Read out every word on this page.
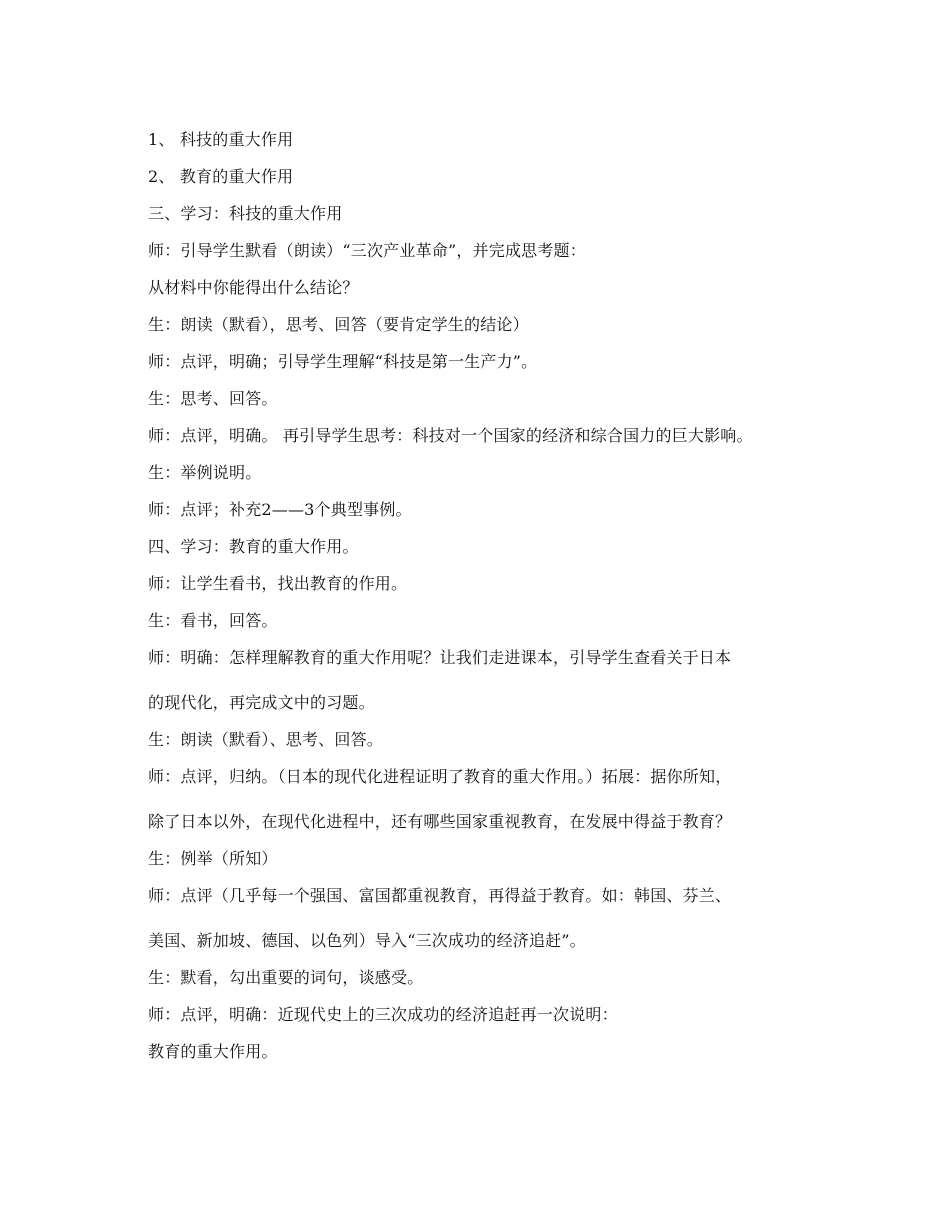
1、 科技的重大作用
2、 教育的重大作用
三、学习：科技的重大作用
师：引导学生默看（朗读）“三次产业革命”，并完成思考题：
从材料中你能得出什么结论？
生：朗读（默看），思考、回答（要肯定学生的结论）
师：点评，明确；引导学生理解“科技是第一生产力”。
生：思考、回答。
师：点评，明确。 再引导学生思考：科技对一个国家的经济和综合国力的巨大影响。
生：举例说明。
师：点评；补充2——3个典型事例。
四、学习：教育的重大作用。
师：让学生看书，找出教育的作用。
生：看书，回答。
师：明确：怎样理解教育的重大作用呢？让我们走进课本，引导学生查看关于日本
的现代化，再完成文中的习题。
生：朗读（默看）、思考、回答。
师：点评，归纳。（日本的现代化进程证明了教育的重大作用。）拓展：据你所知，
除了日本以外，在现代化进程中，还有哪些国家重视教育，在发展中得益于教育？
生：例举（所知）
师：点评（几乎每一个强国、富国都重视教育，再得益于教育。如：韩国、芬兰、
美国、新加坡、德国、以色列）导入“三次成功的经济追赶”。
生：默看，勾出重要的词句，谈感受。
师：点评，明确：近现代史上的三次成功的经济追赶再一次说明：
教育的重大作用。
